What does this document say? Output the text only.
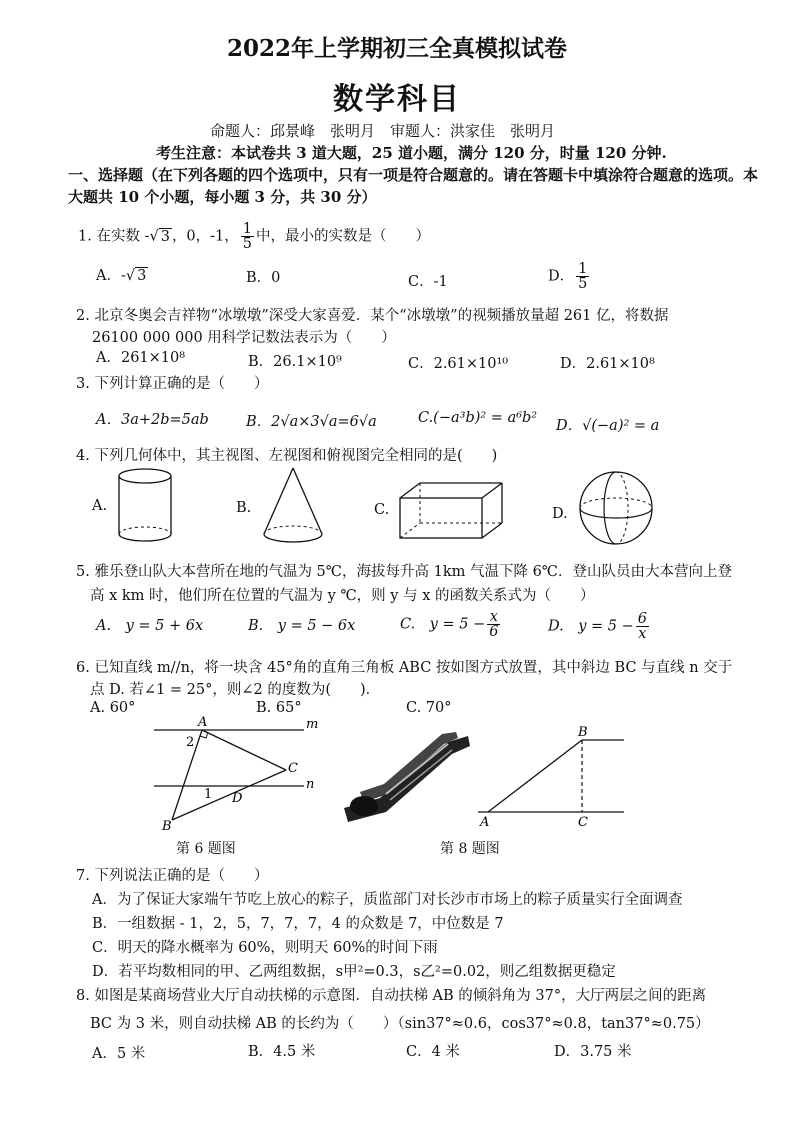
2022年上学期初三全真模拟试卷
数学科目
命题人：邱景峰　张明月　审题人：洪家佳　张明月
考生注意：本试卷共 3 道大题，25 道小题，满分 120 分，时量 120 分钟.
一、选择题（在下列各题的四个选项中，只有一项是符合题意的。请在答题卡中填涂符合题意的选项。本大题共 10 个小题，每小题 3 分，共 30 分）
1. 在实数 -√ 3 ，0，-1， $\frac{1}{5}$ 中，最小的实数是（　　）
A．-√ 3	B．0	C．-1	D． $\frac{1}{5}$
2. 北京冬奥会吉祥物“冰墩墩”深受大家喜爱．某个“冰墩墩”的视频播放量超 261 亿，将数据
26100 000 000 用科学记数法表示为（　　）
A．261×10⁸	B．26.1×10⁹	C．2.61×10¹⁰	D．2.61×10⁸
3. 下列计算正确的是（　　）
A．3a+2b=5ab	B．2√a×3√a=6√a	C.(−a³b)² = a⁶b² D．√(−a)² = a
4. 下列几何体中，其主视图、左视图和俯视图完全相同的是(　　)
A.	B.	C.	D.
5. 雅乐登山队大本营所在地的气温为 5℃，海拔每升高 1km 气温下降 6℃．登山队员由大本营向上登
高 x km 时，他们所在位置的气温为 y ℃，则 y 与 x 的函数关系式为（　　）
A.　y = 5 + 6x	B.　y = 5 − 6x	C.　$y = 5 - \frac{x}{6}$	D.　$y = 5 - \frac{6}{x}$
6. 已知直线 m//n，将一块含 45°角的直角三角板 ABC 按如图方式放置，其中斜边 BC 与直线 n 交于
点 D. 若∠1 = 25°，则∠2 的度数为(　　)．
A. 60°	B. 65°	C. 70°
A	m
n
C
D
B
2
1
B
A	C
第 6 题图	第 8 题图
7. 下列说法正确的是（　　）
A．为了保证大家端午节吃上放心的粽子，质监部门对长沙市市场上的粽子质量实行全面调查
B．一组数据 - 1，2，5，7，7，7，4 的众数是 7，中位数是 7
C．明天的降水概率为 60%，则明天 60%的时间下雨
D．若平均数相同的甲、乙两组数据，s甲²=0.3，s乙²=0.02，则乙组数据更稳定
8. 如图是某商场营业大厅自动扶梯的示意图．自动扶梯 AB 的倾斜角为 37°，大厅两层之间的距离
BC 为 3 米，则自动扶梯 AB 的长约为（　　）（sin37°≈0.6，cos37°≈0.8，tan37°≈0.75）
A．5 米	B．4.5 米	C．4 米	D．3.75 米
